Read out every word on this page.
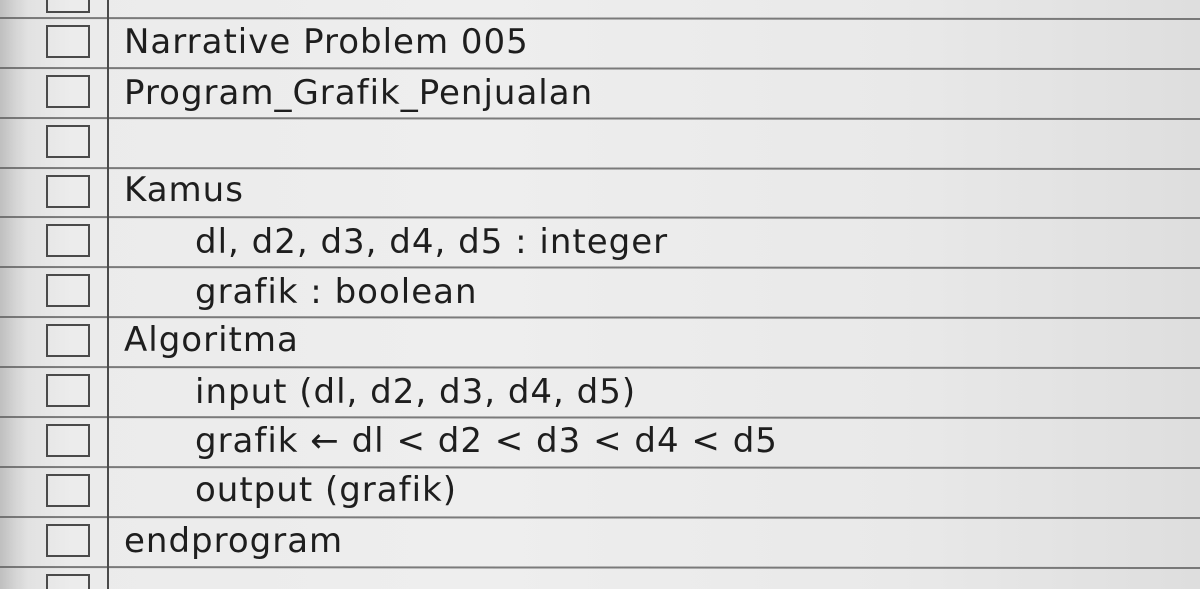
Narrative Problem 005
Program_Grafik_Penjualan
Kamus
dl, d2, d3, d4, d5 : integer
grafik : boolean
Algoritma
input (dl, d2, d3, d4, d5)
grafik ← dl < d2 < d3 < d4 < d5
output (grafik)
endprogram
